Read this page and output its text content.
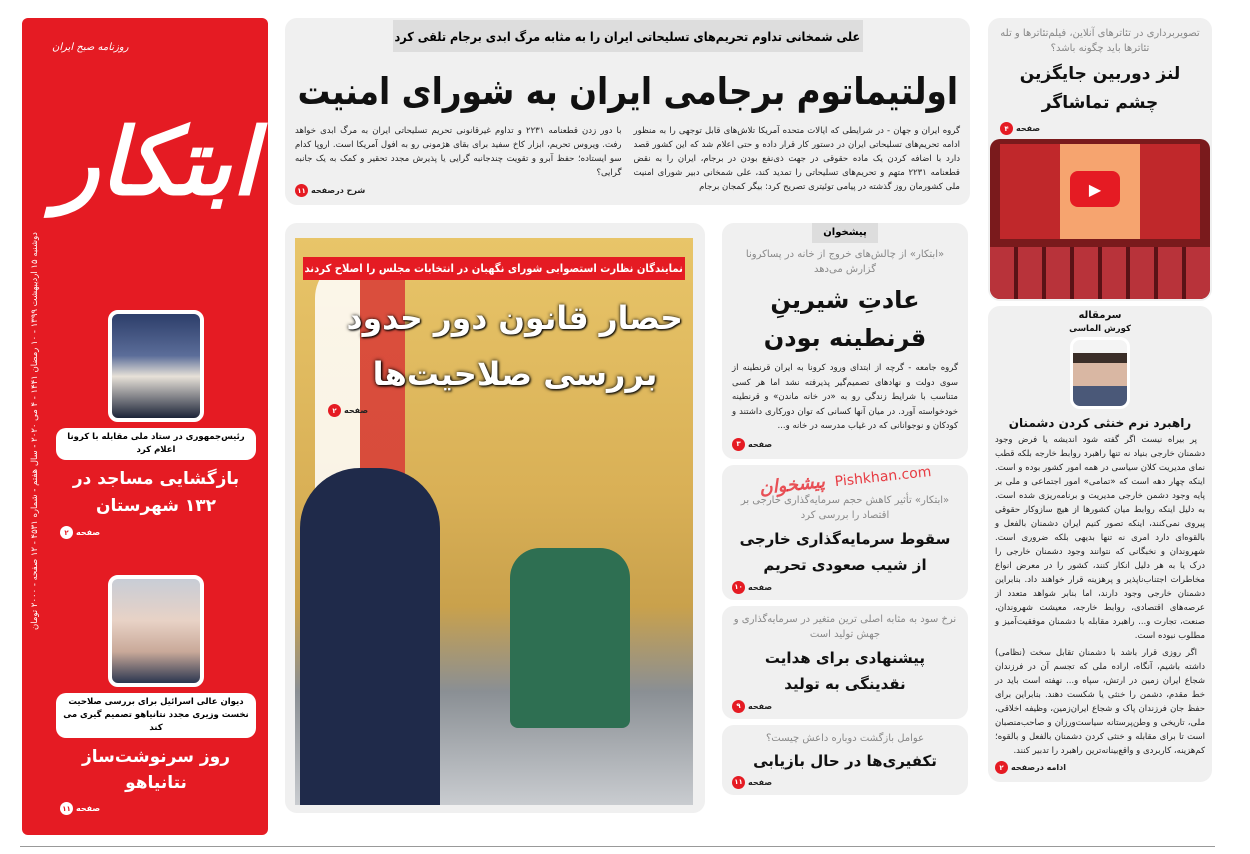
روزنامه صبح ایران
ابتکار
رئیس‌جمهوری در ستاد ملی مقابله با کرونا اعلام کرد
بازگشایی مساجد در ۱۳۲ شهرستان
صفحه
۲
دیوان عالی اسرائیل برای بررسی صلاحیت نخست وزیری مجدد نتانیاهو تصمیم گیری می کند
روز سرنوشت‌ساز نتانیاهو
صفحه
۱۱
دوشنبه ۱۵ اردیبهشت ۱۳۹۹ - ۱۰ رمضان ۱۴۴۱ - ۴ می ۲۰۲۰ - سال هفتم - شماره ۴۵۳۱ - ۱۲ صفحه - ۲۰۰۰ تومان
علی شمخانی تداوم تحریم‌های تسلیحاتی ایران را به مثابه مرگ ابدی برجام تلقی کرد
اولتیماتوم برجامی ایران به شورای امنیت
گروه ایران و جهان - در شرایطی که ایالات متحده آمریکا تلاش‌های قابل توجهی را به منظور ادامه تحریم‌های تسلیحاتی ایران در دستور کار قرار داده و حتی اعلام شد که این کشور قصد دارد با اضافه کردن یک ماده حقوقی در جهت ذی‌نفع بودن در برجام، ایران را به نقض قطعنامه ۲۲۳۱ متهم و تحریم‌های تسلیحاتی را تمدید کند، علی شمخانی دبیر شورای امنیت ملی کشورمان روز گذشته در پیامی توئیتری تصریح کرد: بیگر کمجان برجام
با دور زدن قطعنامه ۲۲۳۱ و تداوم غیرقانونی تحریم تسلیحاتی ایران به مرگ ابدی خواهد رفت. ویروس تحریم، ابزار کاخ سفید برای بقای هژمونی رو به افول آمریکا است. اروپا کدام سو ایستاده؛ حفظ آبرو و تقویت چندجانبه گرایی یا پذیرش مجدد تحقیر و کمک به یک جانبه گرایی؟
شرح درصفحه
۱۱
نمایندگان نظارت استصوابی شورای نگهبان در انتخابات مجلس را اصلاح کردند
حصار قانون دور حدود
بررسی صلاحیت‌ها
صفحه
۲
پیشخوان
«ابتکار» از چالش‌های خروج از خانه در پساکرونا گزارش می‌دهد
عادتِ شیرینِ قرنطینه بودن
گروه جامعه - گرچه از ابتدای ورود کرونا به ایران قرنطینه از سوی دولت و نهادهای تصمیم‌گیر پذیرفته نشد اما هر کسی متناسب با شرایط زندگی رو به «در خانه ماندن» و قرنطینه خودخواسته آورد. در میان آنها کسانی که توان دورکاری داشتند و کودکان و نوجوانانی که در غیاب مدرسه در خانه و...
صفحه
۳
پیشخوان Pishkhan.com
«ابتکار» تأثیر کاهش حجم سرمایه‌گذاری خارجی بر اقتصاد را بررسی کرد
سقوط سرمایه‌گذاری خارجی از شیب صعودی تحریم
صفحه
۱۰
نرخ سود به مثابه اصلی ترین متغیر در سرمایه‌گذاری و جهش تولید است
پیشنهادی برای هدایت نقدینگی به تولید
صفحه
۹
عوامل بازگشت دوباره داعش چیست؟
تکفیری‌ها در حال بازیابی
صفحه
۱۱
تصویربرداری در تئاترهای آنلاین، فیلم‌تئاترها و تله تئاترها باید چگونه باشد؟
لنز دوربین جایگزین چشم تماشاگر
صفحه
۴
▶
سرمقاله
کورش الماسی
راهبرد نرم خنثی کردن دشمنان
پر بیراه نیست اگر گفته شود اندیشه یا فرض وجود دشمنان خارجی بنیاد نه تنها راهبرد روابط خارجه بلکه قطب نمای مدیریت کلان سیاسی در همه امور کشور بوده و است. اینکه چهار دهه است که «تمامی» امور اجتماعی و ملی بر پایه وجود دشمن خارجی مدیریت و برنامه‌ریزی شده است. به دلیل اینکه روابط میان کشورها از هیچ سازوکار حقوقی پیروی نمی‌کنند، اینکه تصور کنیم ایران دشمنان بالفعل و بالقوه‌ای دارد امری نه تنها بدیهی بلکه ضروری است. شهروندان و نخبگانی که نتوانند وجود دشمنان خارجی را درک یا به هر دلیل انکار کنند، کشور را در معرض انواع مخاطرات اجتناب‌ناپذیر و پرهزینه قرار خواهند داد. بنابراین دشمنان خارجی وجود دارند، اما بنابر شواهد متعدد از عرصه‌های اقتصادی، روابط خارجه، معیشت شهروندان، صنعت، تجارت و... راهبرد مقابله با دشمنان موفقیت‌آمیز و مطلوب نبوده است.
اگر روزی قرار باشد با دشمنان تقابل سخت (نظامی) داشته باشیم، آنگاه، اراده ملی که تجسم آن در فرزندان شجاع ایران زمین در ارتش، سپاه و... نهفته است باید در خط مقدم، دشمن را خنثی یا شکست دهند. بنابراین برای حفظ جان فرزندان پاک و شجاع ایران‌زمین، وظیفه اخلاقی، ملی، تاریخی و وطن‌پرستانه سیاست‌ورزان و صاحب‌منصبان است تا برای مقابله و خنثی کردن دشمنان بالفعل و بالقوه؛ کم‌هزینه، کاربردی و واقع‌بینانه‌ترین راهبرد را تدبیر کنند.
ادامه درصفحه
۲
